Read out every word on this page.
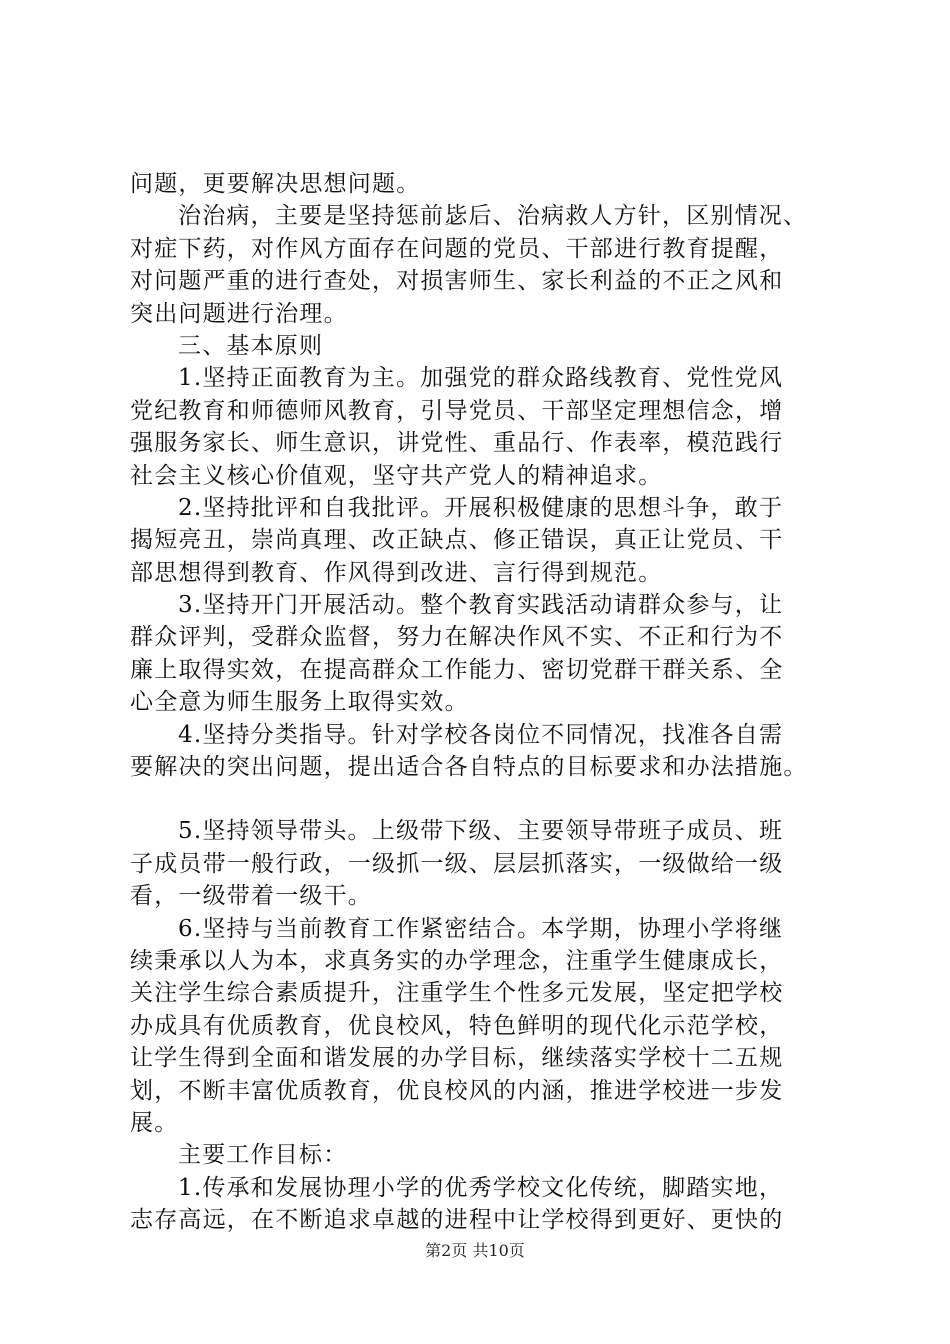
问题，更要解决思想问题。
治治病，主要是坚持惩前毖后、治病救人方针，区别情况、
对症下药，对作风方面存在问题的党员、干部进行教育提醒，
对问题严重的进行查处，对损害师生、家长利益的不正之风和
突出问题进行治理。
三、基本原则
1.坚持正面教育为主。加强党的群众路线教育、党性党风
党纪教育和师德师风教育，引导党员、干部坚定理想信念，增
强服务家长、师生意识，讲党性、重品行、作表率，模范践行
社会主义核心价值观，坚守共产党人的精神追求。
2.坚持批评和自我批评。开展积极健康的思想斗争，敢于
揭短亮丑，崇尚真理、改正缺点、修正错误，真正让党员、干
部思想得到教育、作风得到改进、言行得到规范。
3.坚持开门开展活动。整个教育实践活动请群众参与，让
群众评判，受群众监督，努力在解决作风不实、不正和行为不
廉上取得实效，在提高群众工作能力、密切党群干群关系、全
心全意为师生服务上取得实效。
4.坚持分类指导。针对学校各岗位不同情况，找准各自需
要解决的突出问题，提出适合各自特点的目标要求和办法措施。
5.坚持领导带头。上级带下级、主要领导带班子成员、班
子成员带一般行政，一级抓一级、层层抓落实，一级做给一级
看，一级带着一级干。
6.坚持与当前教育工作紧密结合。本学期，协理小学将继
续秉承以人为本，求真务实的办学理念，注重学生健康成长，
关注学生综合素质提升，注重学生个性多元发展，坚定把学校
办成具有优质教育，优良校风，特色鲜明的现代化示范学校，
让学生得到全面和谐发展的办学目标，继续落实学校十二五规
划，不断丰富优质教育，优良校风的内涵，推进学校进一步发
展。
主要工作目标：
1.传承和发展协理小学的优秀学校文化传统，脚踏实地，
志存高远，在不断追求卓越的进程中让学校得到更好、更快的
第2页 共10页
